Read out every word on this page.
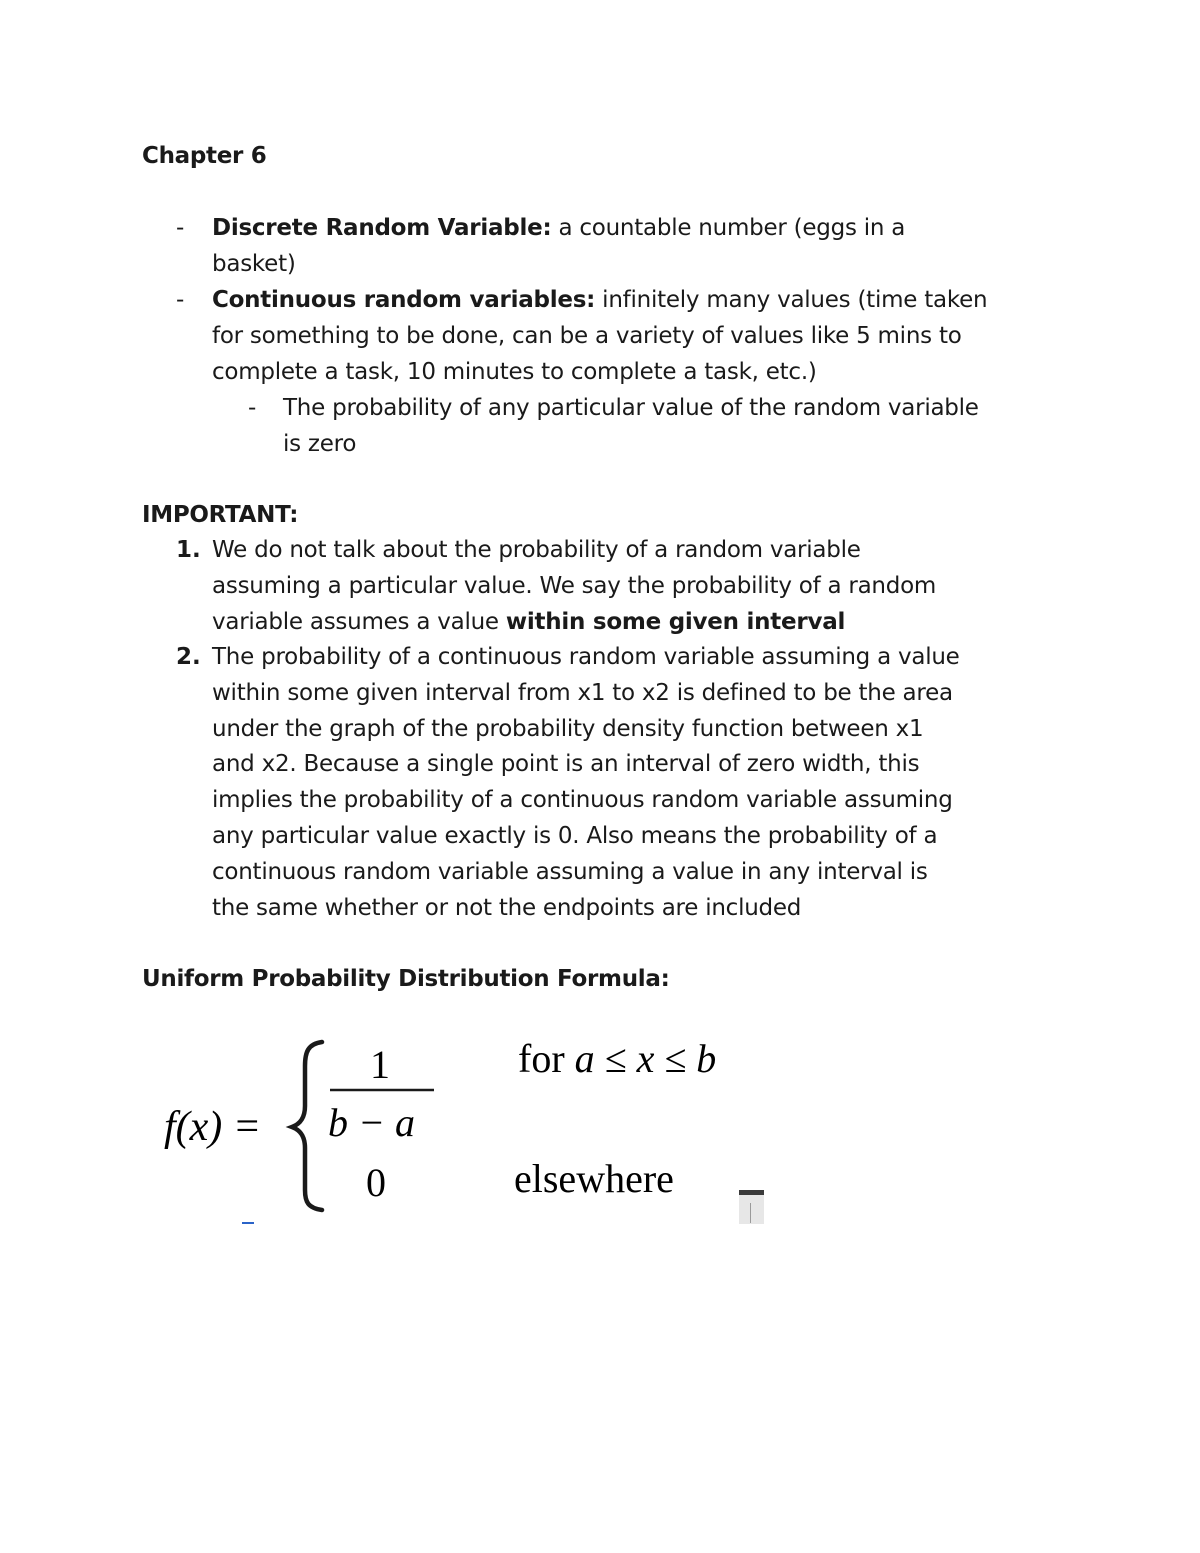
Chapter 6
- Discrete Random Variable: a countable number (eggs in a
basket)
- Continuous random variables: infinitely many values (time taken
for something to be done, can be a variety of values like 5 mins to
complete a task, 10 minutes to complete a task, etc.)
- The probability of any particular value of the random variable
is zero
IMPORTANT:
1. We do not talk about the probability of a random variable
assuming a particular value. We say the probability of a random
variable assumes a value within some given interval
2. The probability of a continuous random variable assuming a value
within some given interval from x1 to x2 is defined to be the area
under the graph of the probability density function between x1
and x2. Because a single point is an interval of zero width, this
implies the probability of a continuous random variable assuming
any particular value exactly is 0. Also means the probability of a
continuous random variable assuming a value in any interval is
the same whether or not the endpoints are included
Uniform Probability Distribution Formula:
f(x) =
1
b − a
0
for a ≤ x ≤ b
elsewhere
